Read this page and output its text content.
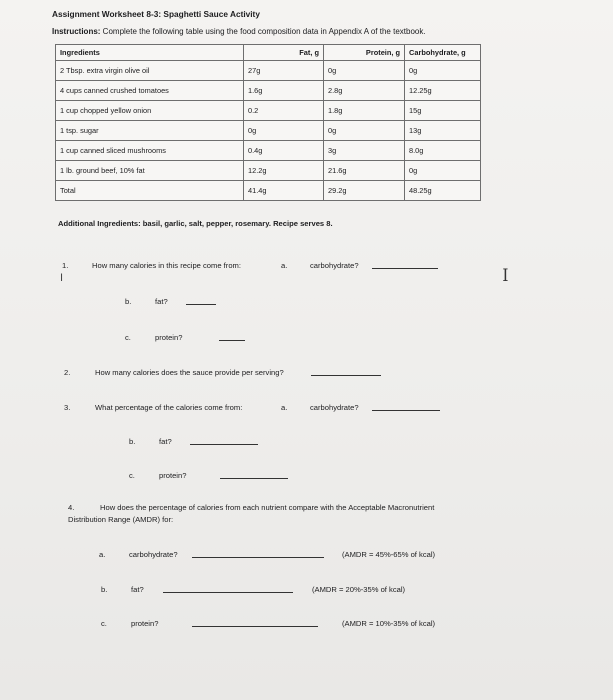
Assignment Worksheet 8-3: Spaghetti Sauce Activity
Instructions: Complete the following table using the food composition data in Appendix A of the textbook.
Ingredients	Fat, g	Protein, g	Carbohydrate, g
2 Tbsp. extra virgin olive oil	27g	0g	0g
4 cups canned crushed tomatoes	1.6g	2.8g	12.25g
1 cup chopped yellow onion	0.2	1.8g	15g
1 tsp. sugar	0g	0g	13g
1 cup canned sliced mushrooms	0.4g	3g	8.0g
1 lb. ground beef, 10% fat	12.2g	21.6g	0g
Total	41.4g	29.2g	48.25g
Additional Ingredients: basil, garlic, salt, pepper, rosemary. Recipe serves 8.
1.	How many calories in this recipe come from:	a.	carbohydrate?
I
b.	fat?
c.	protein?
2.	How many calories does the sauce provide per serving?
3.	What percentage of the calories come from:	a.	carbohydrate?
b.	fat?
c.	protein?
4.	How does the percentage of calories from each nutrient compare with the Acceptable Macronutrient
Distribution Range (AMDR) for:
a.	carbohydrate?	(AMDR = 45%-65% of kcal)
b.	fat?	(AMDR = 20%-35% of kcal)
c.	protein?	(AMDR = 10%-35% of kcal)
I
